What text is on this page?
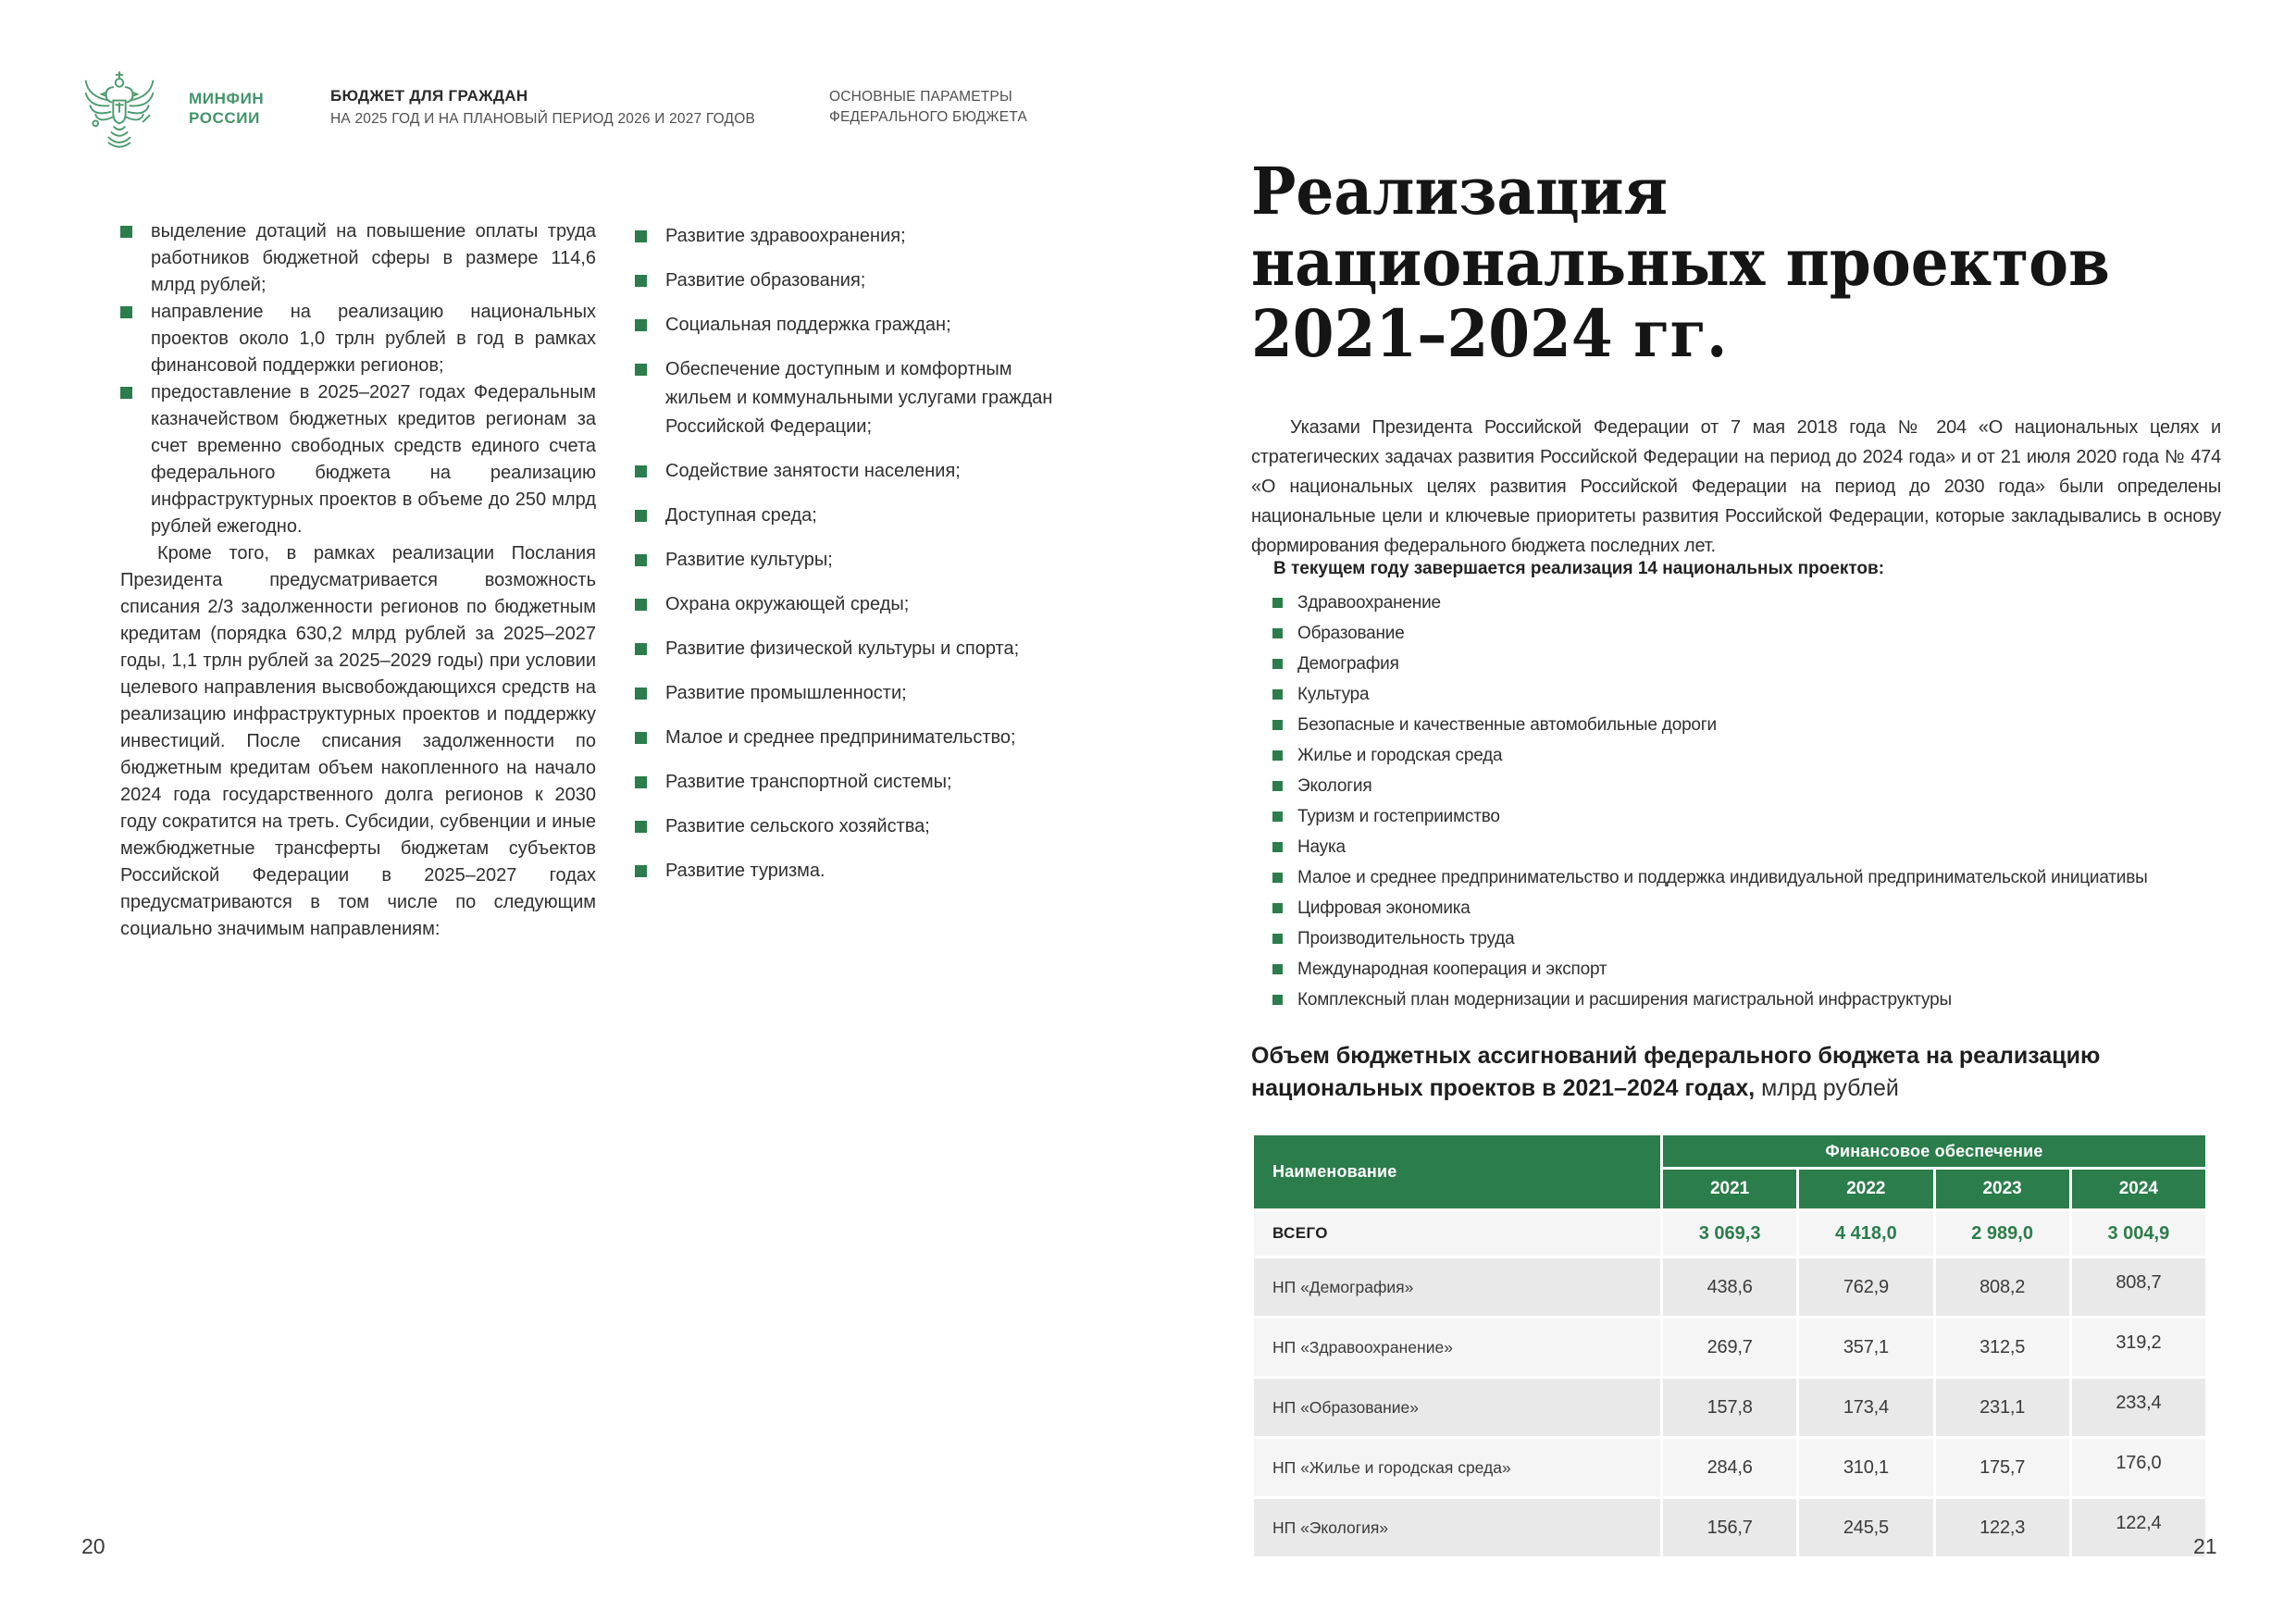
МИНФИН
РОССИИ
БЮДЖЕТ ДЛЯ ГРАЖДАН
НА 2025 ГОД И НА ПЛАНОВЫЙ ПЕРИОД 2026 И 2027 ГОДОВ
ОСНОВНЫЕ ПАРАМЕТРЫ
ФЕДЕРАЛЬНОГО БЮДЖЕТА
выделение дотаций на повышение оплаты труда работников бюджетной сферы в размере 114,6 млрд рублей;
направление на реализацию национальных проектов около 1,0 трлн рублей в год в рамках финансовой поддержки регионов;
предоставление в 2025–2027 годах Федеральным казначейством бюджетных кредитов регионам за счет временно свободных средств единого счета федерального бюджета на реализацию инфраструктурных проектов в объеме до 250 млрд рублей ежегодно.

Кроме того, в рамках реализации Послания Президента предусматривается возможность списания 2/3 задолженности регионов по бюджетным кредитам (порядка 630,2 млрд рублей за 2025–2027 годы, 1,1 трлн рублей за 2025–2029 годы) при условии целевого направления высвобождающихся средств на реализацию инфраструктурных проектов и поддержку инвестиций. После списания задолженности по бюджетным кредитам объем накопленного на начало 2024 года государственного долга регионов к 2030 году сократится на треть. Субсидии, субвенции и иные межбюджетные трансферты бюджетам субъектов Российской Федерации в 2025–2027 годах предусматриваются в том числе по следующим социально значимым направлениям:

Развитие здравоохранения;
Развитие образования;
Социальная поддержка граждан;
Обеспечение доступным и комфортным жильем и коммунальными услугами граждан Российской Федерации;
Содействие занятости населения;
Доступная среда;
Развитие культуры;
Охрана окружающей среды;
Развитие физической культуры и спорта;
Развитие промышленности;
Малое и среднее предпринимательство;
Развитие транспортной системы;
Развитие сельского хозяйства;
Развитие туризма.
Реализация
национальных проектов
2021–2024 гг.

Указами Президента Российской Федерации от 7 мая 2018 года № 204 «О национальных целях и стратегических задачах развития Российской Федерации на период до 2024 года» и от 21 июля 2020 года № 474 «О национальных целях развития Российской Федерации на период до 2030 года» были определены национальные цели и ключевые приоритеты развития Российской Федерации, которые закладывались в основу формирования федерального бюджета последних лет.

В текущем году завершается реализация 14 национальных проектов:
Здравоохранение
Образование
Демография
Культура
Безопасные и качественные автомобильные дороги
Жилье и городская среда
Экология
Туризм и гостеприимство
Наука
Малое и среднее предпринимательство и поддержка индивидуальной предпринимательской инициативы
Цифровая экономика
Производительность труда
Международная кооперация и экспорт
Комплексный план модернизации и расширения магистральной инфраструктуры
Объем бюджетных ассигнований федерального бюджета на реализацию национальных проектов в 2021–2024 годах, млрд рублей
Наименование	Финансовое обеспечение			
	2021	2022	2023	2024
ВСЕГО	3 069,3	4 418,0	2 989,0	3 004,9
НП «Демография»	438,6	762,9	808,2	808,7
НП «Здравоохранение»	269,7	357,1	312,5	319,2
НП «Образование»	157,8	173,4	231,1	233,4
НП «Жилье и городская среда»	284,6	310,1	175,7	176,0
НП «Экология»	156,7	245,5	122,3	122,4
20	21
